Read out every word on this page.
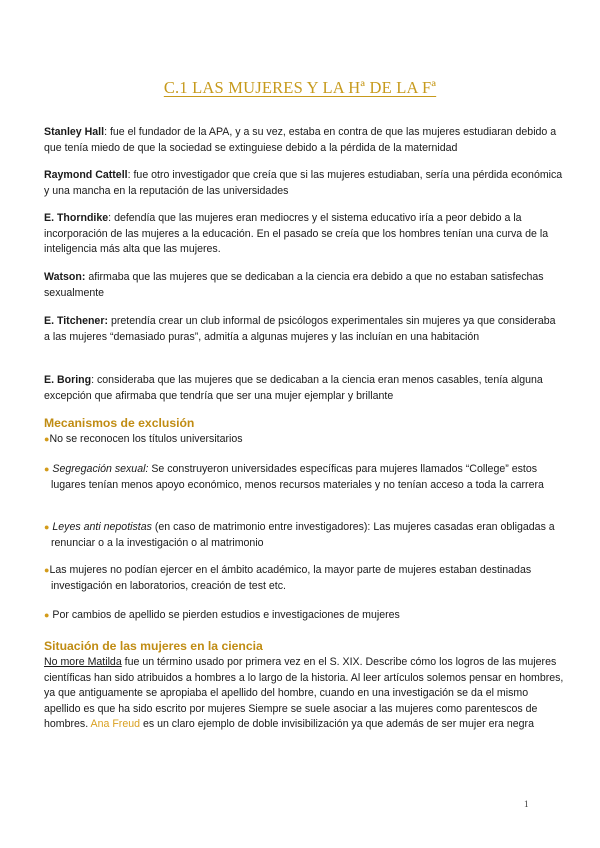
C.1 LAS MUJERES Y LA Hª DE LA Fª

Stanley Hall: fue el fundador de la APA, y a su vez, estaba en contra de que las mujeres estudiaran debido a que tenía miedo de que la sociedad se extinguiese debido a la pérdida de la maternidad

Raymond Cattell: fue otro investigador que creía que si las mujeres estudiaban, sería una pérdida económica y una mancha en la reputación de las universidades

E. Thorndike: defendía que las mujeres eran mediocres y el sistema educativo iría a peor debido a la incorporación de las mujeres a la educación. En el pasado se creía que los hombres tenían una curva de la inteligencia más alta que las mujeres.

Watson: afirmaba que las mujeres que se dedicaban a la ciencia era debido a que no estaban satisfechas sexualmente

E. Titchener: pretendía crear un club informal de psicólogos experimentales sin mujeres ya que consideraba a las mujeres “demasiado puras”, admitía a algunas mujeres y las incluían en una habitación

E. Boring: consideraba que las mujeres que se dedicaban a la ciencia eran menos casables, tenía alguna excepción que afirmaba que tendría que ser una mujer ejemplar y brillante

Mecanismos de exclusión

●No se reconocen los títulos universitarios

● Segregación sexual: Se construyeron universidades específicas para mujeres llamados “College” estos lugares tenían menos apoyo económico, menos recursos materiales y no tenían acceso a toda la carrera

● Leyes anti nepotistas (en caso de matrimonio entre investigadores): Las mujeres casadas eran obligadas a renunciar o a la investigación o al matrimonio

●Las mujeres no podían ejercer en el ámbito académico, la mayor parte de mujeres estaban destinadas investigación en laboratorios, creación de test etc.

● Por cambios de apellido se pierden estudios e investigaciones de mujeres

Situación de las mujeres en la ciencia

No more Matilda fue un término usado por primera vez en el S. XIX. Describe cómo los logros de las mujeres científicas han sido atribuidos a hombres a lo largo de la historia. Al leer artículos solemos pensar en hombres, ya que antiguamente se apropiaba el apellido del hombre, cuando en una investigación se da el mismo apellido es que ha sido escrito por mujeres Siempre se suele asociar a las mujeres como parentescos de hombres. Ana Freud es un claro ejemplo de doble invisibilización ya que además de ser mujer era negra

1
